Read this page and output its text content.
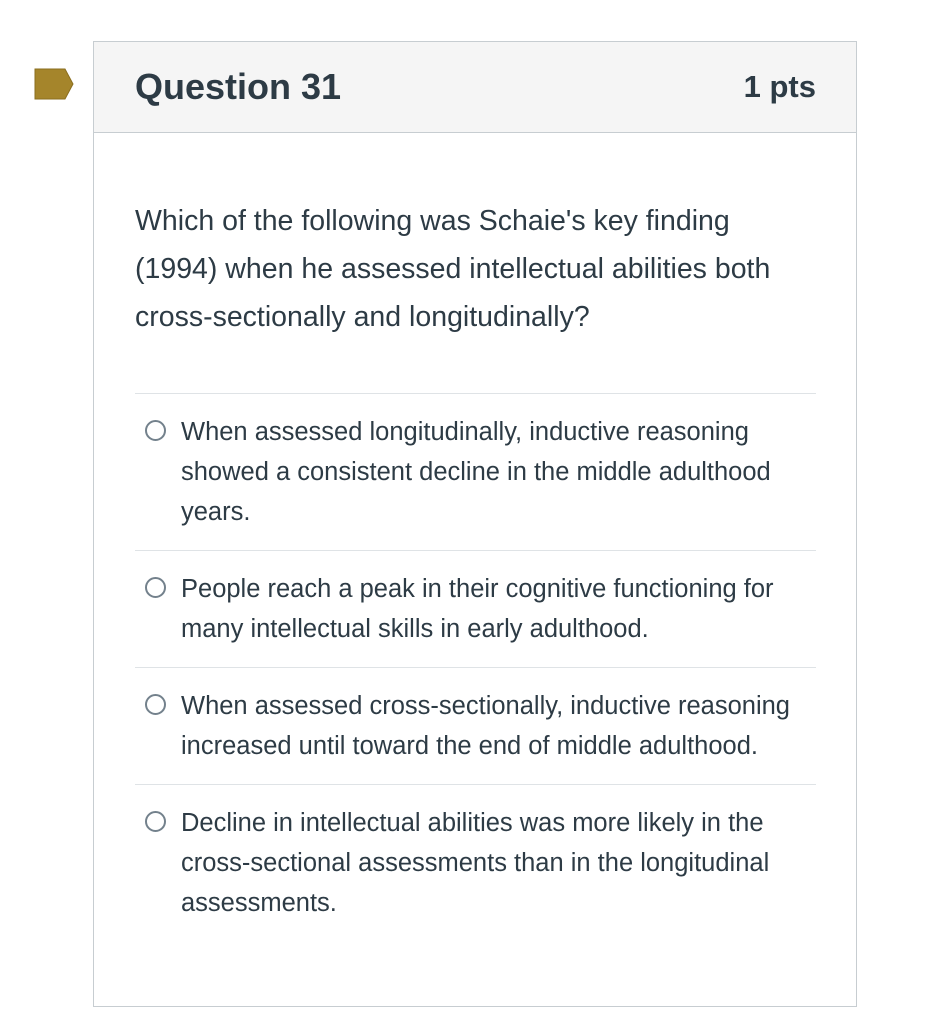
Question 31	1 pts
Which of the following was Schaie's key finding (1994) when he assessed intellectual abilities both cross-sectionally and longitudinally?
When assessed longitudinally, inductive reasoning showed a consistent decline in the middle adulthood years.
People reach a peak in their cognitive functioning for many intellectual skills in early adulthood.
When assessed cross-sectionally, inductive reasoning increased until toward the end of middle adulthood.
Decline in intellectual abilities was more likely in the cross-sectional assessments than in the longitudinal assessments.
